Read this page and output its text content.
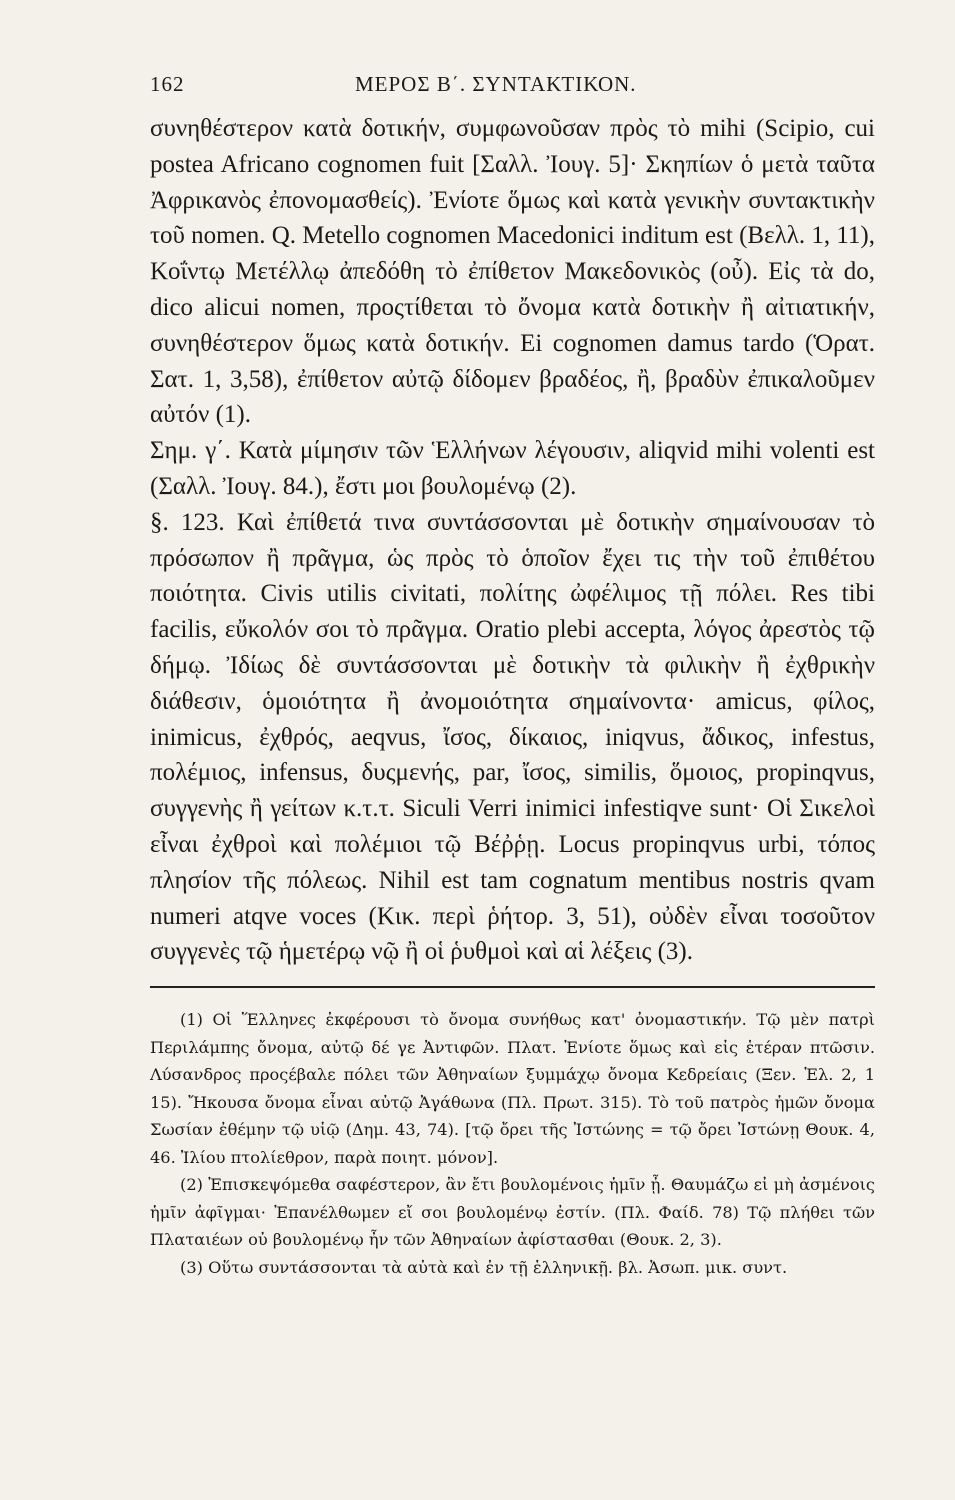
162	ΜΕΡΟΣ Β΄. ΣΥΝΤΑΚΤΙΚΟΝ.

συνηθέστερον κατὰ δοτικήν, συμφωνοῦσαν πρὸς τὸ mihi (Scipio, cui postea Africano cognomen fuit [Σαλλ. Ἰουγ. 5]· Σκηπίων ὁ μετὰ ταῦτα Ἀφρικανὸς ἐπονομασθείς). Ἐνίοτε ὅμως καὶ κατὰ γενικὴν συντακτικὴν τοῦ nomen. Q. Metello cognomen Macedonici inditum est (Βελλ. 1, 11), Κοΐντῳ Μετέλλῳ ἀπεδόθη τὸ ἐπίθετον Μακεδονικὸς (οὖ). Εἰς τὰ do, dico alicui nomen, προςτίθεται τὸ ὄνομα κατὰ δοτικὴν ἢ αἰτιατικήν, συνηθέστερον ὅμως κατὰ δοτικήν. Ei cognomen damus tardo (Ὁρατ. Σατ. 1, 3,58), ἐπίθετον αὐτῷ δίδομεν βραδέος, ἢ, βραδὺν ἐπικαλοῦμεν αὐτόν (1).

Σημ. γ΄. Κατὰ μίμησιν τῶν Ἑλλήνων λέγουσιν, aliqvid mihi volenti est (Σαλλ. Ἰουγ. 84.), ἔστι μοι βουλομένῳ (2).

§. 123. Καὶ ἐπίθετά τινα συντάσσονται μὲ δοτικὴν σημαίνουσαν τὸ πρόσωπον ἢ πρᾶγμα, ὡς πρὸς τὸ ὁποῖον ἔχει τις τὴν τοῦ ἐπιθέτου ποιότητα. Civis utilis civitati, πολίτης ὠφέλιμος τῇ πόλει. Res tibi facilis, εὔκολόν σοι τὸ πρᾶγμα. Oratio plebi accepta, λόγος ἀρεστὸς τῷ δήμῳ. Ἰδίως δὲ συντάσσονται μὲ δοτικὴν τὰ φιλικὴν ἢ ἐχθρικὴν διάθεσιν, ὁμοιότητα ἢ ἀνομοιότητα σημαίνοντα· amicus, φίλος, inimicus, ἐχθρός, aeqvus, ἴσος, δίκαιος, iniqvus, ἄδικος, infestus, πολέμιος, infensus, δυςμενής, par, ἴσος, similis, ὅμοιος, propinqvus, συγγενὴς ἢ γείτων κ.τ.τ. Siculi Verri inimici infestiqve sunt· Οἱ Σικελοὶ εἶναι ἐχθροὶ καὶ πολέμιοι τῷ Βέῤῥῃ. Locus propinqvus urbi, τόπος πλησίον τῆς πόλεως. Nihil est tam cognatum mentibus nostris qvam numeri atqve voces (Κικ. περὶ ῥήτορ. 3, 51), οὐδὲν εἶναι τοσοῦτον συγγενὲς τῷ ἡμετέρῳ νῷ ἢ οἱ ῥυθμοὶ καὶ αἱ λέξεις (3).

(1) Οἱ Ἕλληνες ἐκφέρουσι τὸ ὄνομα συνήθως κατ' ὀνομαστικήν. Τῷ μὲν πατρὶ Περιλάμπης ὄνομα, αὐτῷ δέ γε Ἀντιφῶν. Πλατ. Ἐνίοτε ὅμως καὶ εἰς ἑτέραν πτῶσιν. Λύσανδρος προςέβαλε πόλει τῶν Ἀθηναίων ξυμμάχῳ ὄνομα Κεδρείαις (Ξεν. Ἑλ. 2, 1 15). Ἤκουσα ὄνομα εἶναι αὐτῷ Ἀγάθωνα (Πλ. Πρωτ. 315). Τὸ τοῦ πατρὸς ἡμῶν ὄνομα Σωσίαν ἐθέμην τῷ υἱῷ (Δημ. 43, 74). [τῷ ὄρει τῆς Ἰστώνης = τῷ ὄρει Ἰστώνῃ Θουκ. 4, 46. Ἰλίου πτολίεθρον, παρὰ ποιητ. μόνον].

(2) Ἐπισκεψόμεθα σαφέστερον, ἂν ἔτι βουλομένοις ἡμῖν ᾖ. Θαυμάζω εἰ μὴ ἀσμένοις ἡμῖν ἀφῖγμαι· Ἐπανέλθωμεν εἴ σοι βουλομένῳ ἐστίν. (Πλ. Φαίδ. 78) Τῷ πλήθει τῶν Πλαταιέων οὐ βουλομένῳ ἦν τῶν Ἀθηναίων ἀφίστασθαι (Θουκ. 2, 3).

(3) Οὕτω συντάσσονται τὰ αὐτὰ καὶ ἐν τῇ ἑλληνικῇ. βλ. Ἀσωπ. μικ. συντ.
